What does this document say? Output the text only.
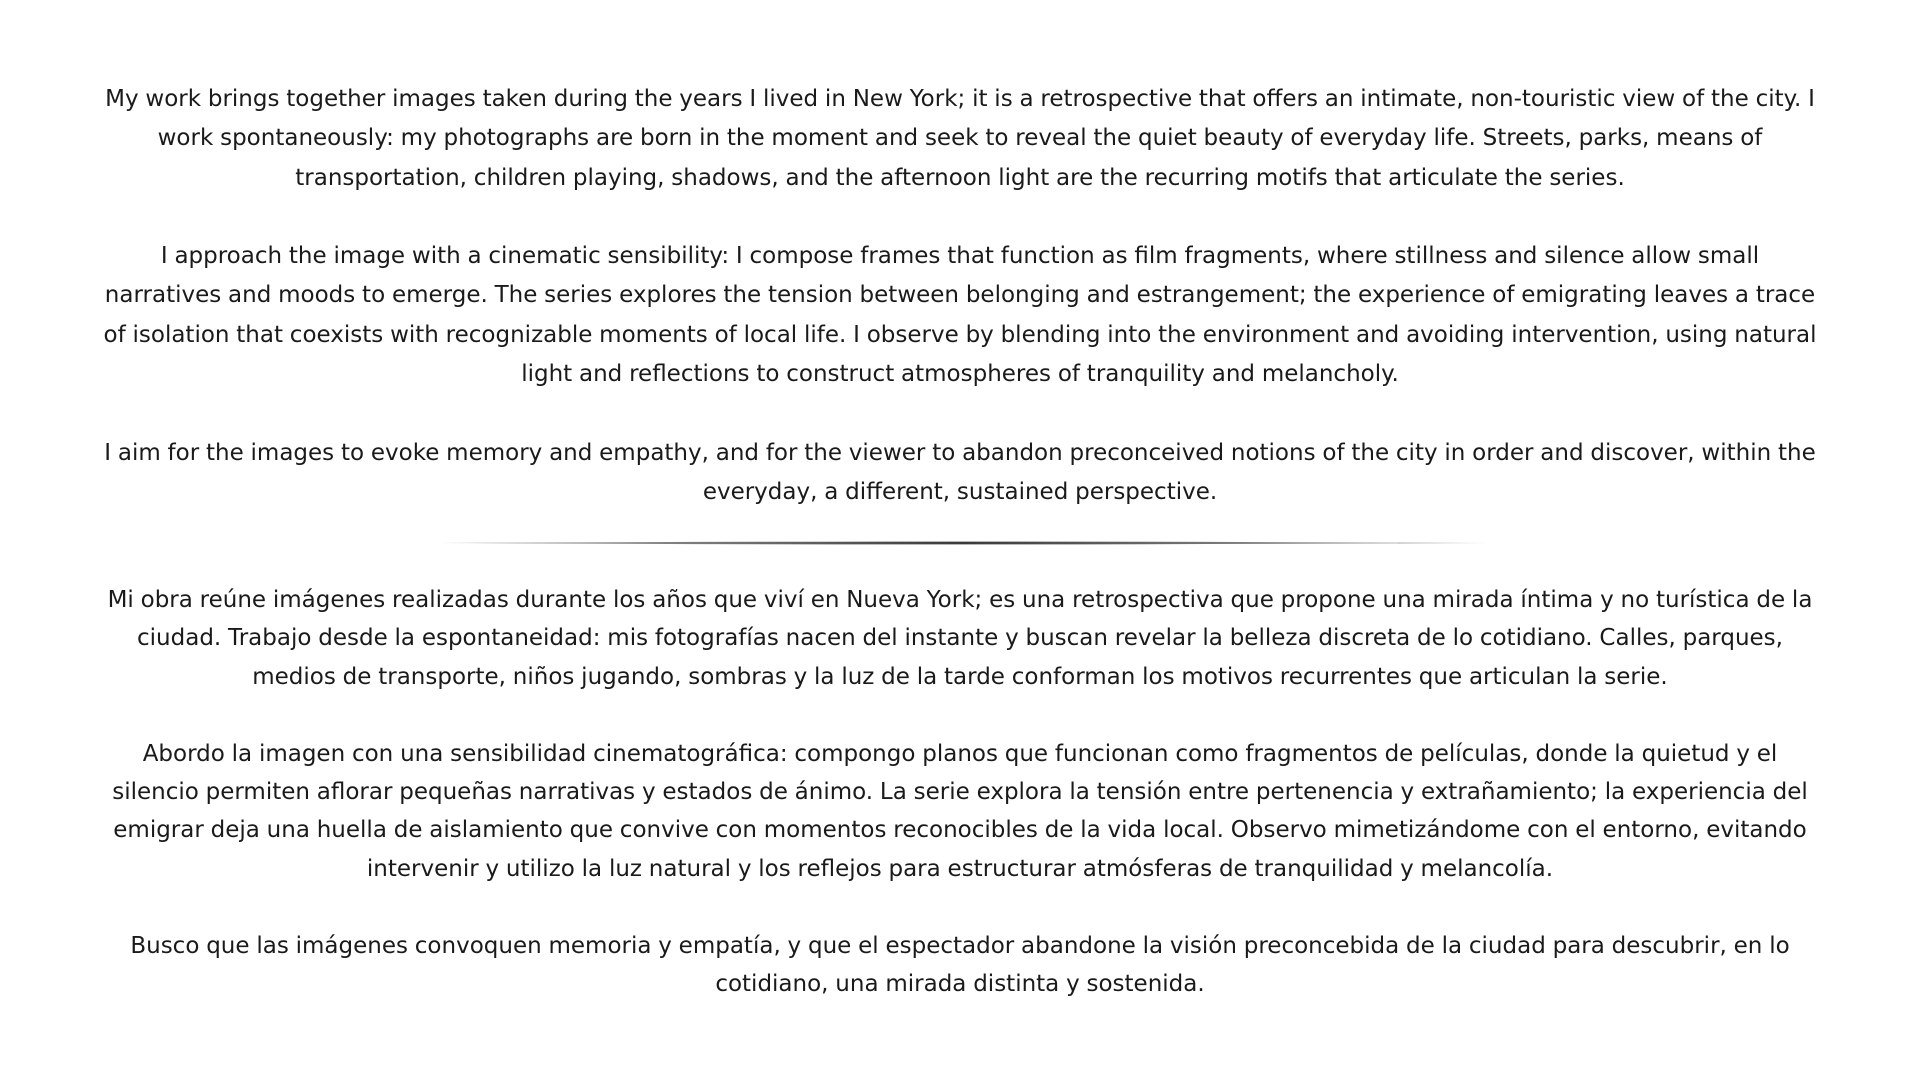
My work brings together images taken during the years I lived in New York; it is a retrospective that offers an intimate, non-touristic view of the city. I work spontaneously: my photographs are born in the moment and seek to reveal the quiet beauty of everyday life. Streets, parks, means of transportation, children playing, shadows, and the afternoon light are the recurring motifs that articulate the series.

I approach the image with a cinematic sensibility: I compose frames that function as film fragments, where stillness and silence allow small narratives and moods to emerge. The series explores the tension between belonging and estrangement; the experience of emigrating leaves a trace of isolation that coexists with recognizable moments of local life. I observe by blending into the environment and avoiding intervention, using natural light and reflections to construct atmospheres of tranquility and melancholy.

I aim for the images to evoke memory and empathy, and for the viewer to abandon preconceived notions of the city in order and discover, within the everyday, a different, sustained perspective.

Mi obra reúne imágenes realizadas durante los años que viví en Nueva York; es una retrospectiva que propone una mirada íntima y no turística de la ciudad. Trabajo desde la espontaneidad: mis fotografías nacen del instante y buscan revelar la belleza discreta de lo cotidiano. Calles, parques, medios de transporte, niños jugando, sombras y la luz de la tarde conforman los motivos recurrentes que articulan la serie.

Abordo la imagen con una sensibilidad cinematográfica: compongo planos que funcionan como fragmentos de películas, donde la quietud y el silencio permiten aflorar pequeñas narrativas y estados de ánimo. La serie explora la tensión entre pertenencia y extrañamiento; la experiencia del emigrar deja una huella de aislamiento que convive con momentos reconocibles de la vida local. Observo mimetizándome con el entorno, evitando intervenir y utilizo la luz natural y los reflejos para estructurar atmósferas de tranquilidad y melancolía.

Busco que las imágenes convoquen memoria y empatía, y que el espectador abandone la visión preconcebida de la ciudad para descubrir, en lo cotidiano, una mirada distinta y sostenida.
